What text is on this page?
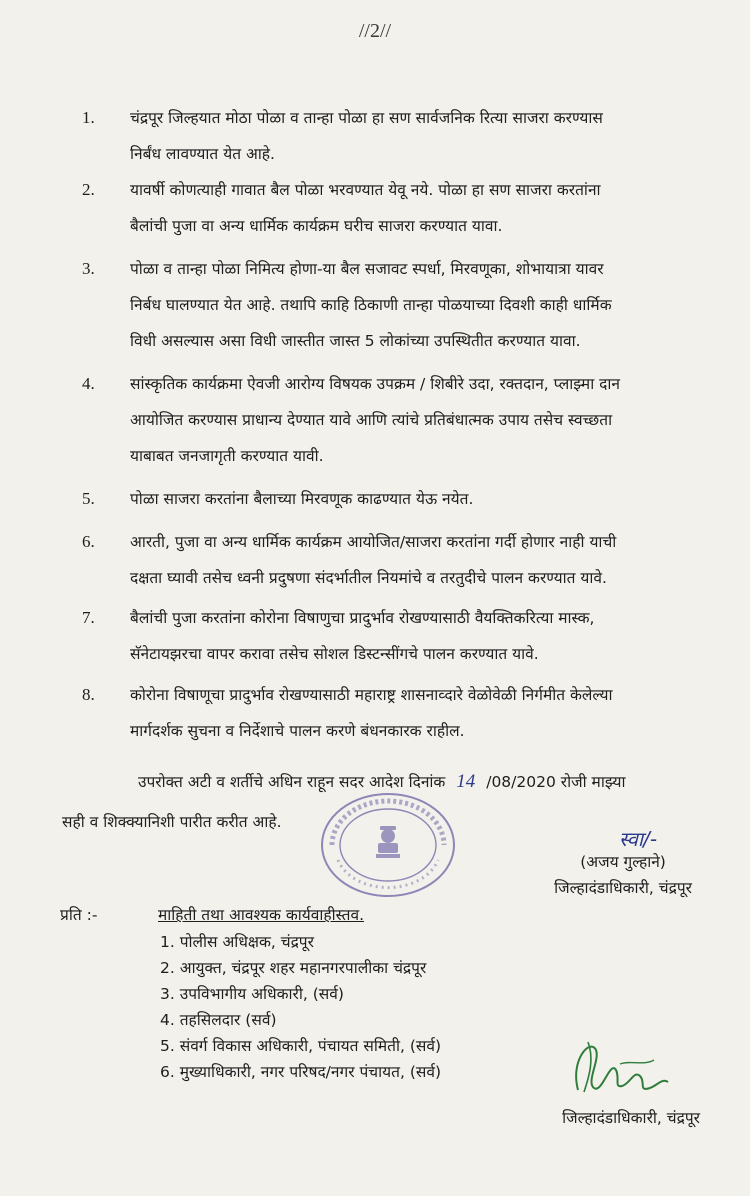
//2//
1.	चंद्रपूर जिल्हयात मोठा पोळा व तान्हा पोळा हा सण सार्वजनिक रित्या साजरा करण्यास
निर्बंध लावण्यात येत आहे.
2.	यावर्षी कोणत्याही गावात बैल पोळा भरवण्यात येवू नये. पोळा हा सण साजरा करतांना
बैलांची पुजा वा अन्य धार्मिक कार्यक्रम घरीच साजरा करण्यात यावा.
3.	पोळा व तान्हा पोळा निमित्य होणा-या बैल सजावट स्पर्धा, मिरवणूका, शोभायात्रा यावर
निर्बध घालण्यात येत आहे. तथापि काहि ठिकाणी तान्हा पोळयाच्या दिवशी काही धार्मिक
विधी असल्यास असा विधी जास्तीत जास्त 5 लोकांच्या उपस्थितीत करण्यात यावा.
4.	सांस्कृतिक कार्यक्रमा ऐवजी आरोग्य विषयक उपक्रम / शिबीरे उदा, रक्तदान, प्लाझ्मा दान
आयोजित करण्यास प्राधान्य देण्यात यावे आणि त्यांचे प्रतिबंधात्मक उपाय तसेच स्वच्छता
याबाबत जनजागृती करण्यात यावी.
5.	पोळा साजरा करतांना बैलाच्या मिरवणूक काढण्यात येऊ नयेत.
6.	आरती, पुजा वा अन्य धार्मिक कार्यक्रम आयोजित/साजरा करतांना गर्दी होणार नाही याची
दक्षता घ्यावी तसेच ध्वनी प्रदुषणा संदर्भातील नियमांचे व तरतुदीचे पालन करण्यात यावे.
7.	बैलांची पुजा करतांना कोरोना विषाणुचा प्रादुर्भाव रोखण्यासाठी वैयक्तिकरित्या मास्क,
सॅनेटायझरचा वापर करावा तसेच सोशल डिस्टन्सींगचे पालन करण्यात यावे.
8.	कोरोना विषाणूचा प्रादुर्भाव रोखण्यासाठी महाराष्ट्र शासनाव्दारे वेळोवेळी निर्गमीत केलेल्या
मार्गदर्शक सुचना व निर्देशाचे पालन करणे बंधनकारक राहील.
उपरोक्त अटी व शर्तीचे अधिन राहून सदर आदेश दिनांक 14 /08/2020 रोजी माझ्या
सही व शिक्क्यानिशी पारीत करीत आहे.
स्वा/-
(अजय गुल्हाने)
जिल्हादंडाधिकारी, चंद्रपूर
प्रति :-	माहिती तथा आवश्यक कार्यवाहीस्तव.
1. पोलीस अधिक्षक, चंद्रपूर
2. आयुक्त, चंद्रपूर शहर महानगरपालीका चंद्रपूर
3. उपविभागीय अधिकारी, (सर्व)
4. तहसिलदार (सर्व)
5. संवर्ग विकास अधिकारी, पंचायत समिती, (सर्व)
6. मुख्याधिकारी, नगर परिषद/नगर पंचायत, (सर्व)
जिल्हादंडाधिकारी, चंद्रपूर
